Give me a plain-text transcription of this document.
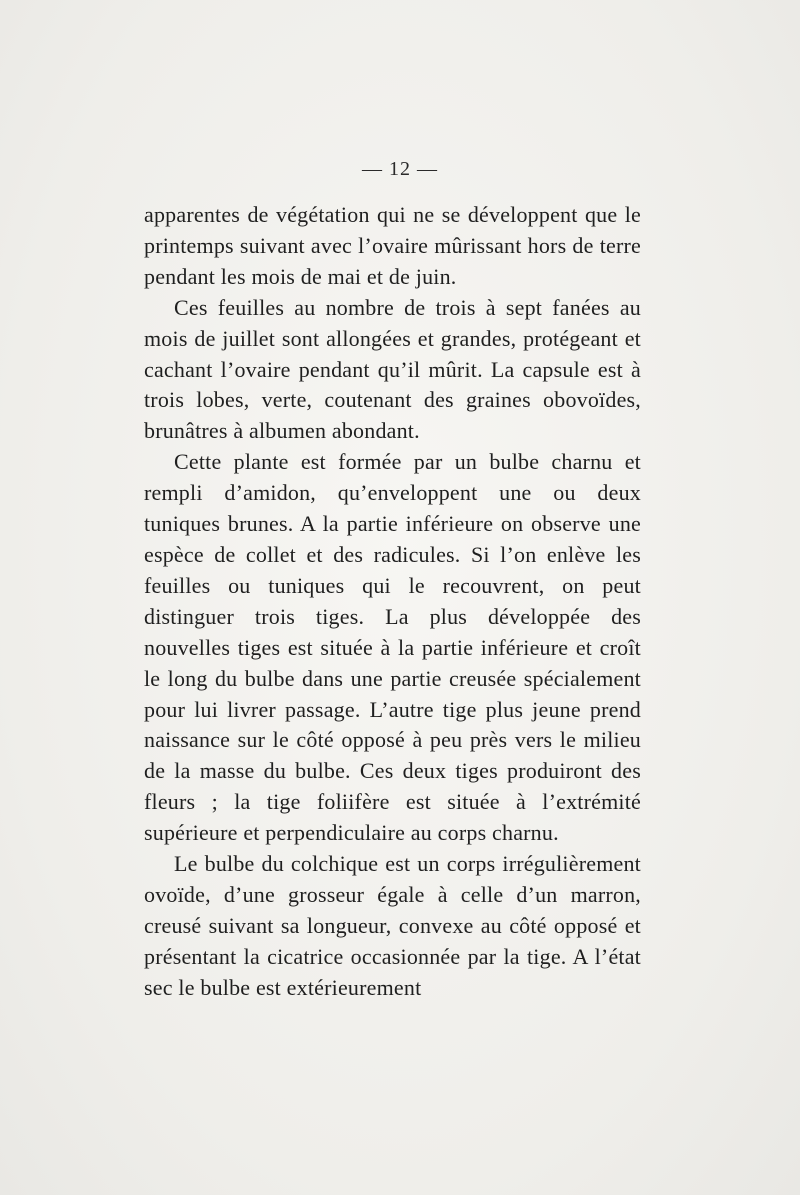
— 12 —

apparentes de végétation qui ne se développent que le printemps suivant avec l’ovaire mûrissant hors de terre pendant les mois de mai et de juin.

Ces feuilles au nombre de trois à sept fanées au mois de juillet sont allongées et grandes, protégeant et cachant l’ovaire pendant qu’il mûrit. La capsule est à trois lobes, verte, coutenant des graines obovoïdes, brunâtres à albumen abondant.

Cette plante est formée par un bulbe charnu et rempli d’amidon, qu’enveloppent une ou deux tuniques brunes. A la partie inférieure on observe une espèce de collet et des radicules. Si l’on enlève les feuilles ou tuniques qui le recouvrent, on peut distinguer trois tiges. La plus développée des nouvelles tiges est située à la partie inférieure et croît le long du bulbe dans une partie creusée spécialement pour lui livrer passage. L’autre tige plus jeune prend naissance sur le côté opposé à peu près vers le milieu de la masse du bulbe. Ces deux tiges produiront des fleurs ; la tige foliifère est située à l’extrémité supérieure et perpendiculaire au corps charnu.

Le bulbe du colchique est un corps irrégulièrement ovoïde, d’une grosseur égale à celle d’un marron, creusé suivant sa longueur, convexe au côté opposé et présentant la cicatrice occasionnée par la tige. A l’état sec le bulbe est extérieurement
